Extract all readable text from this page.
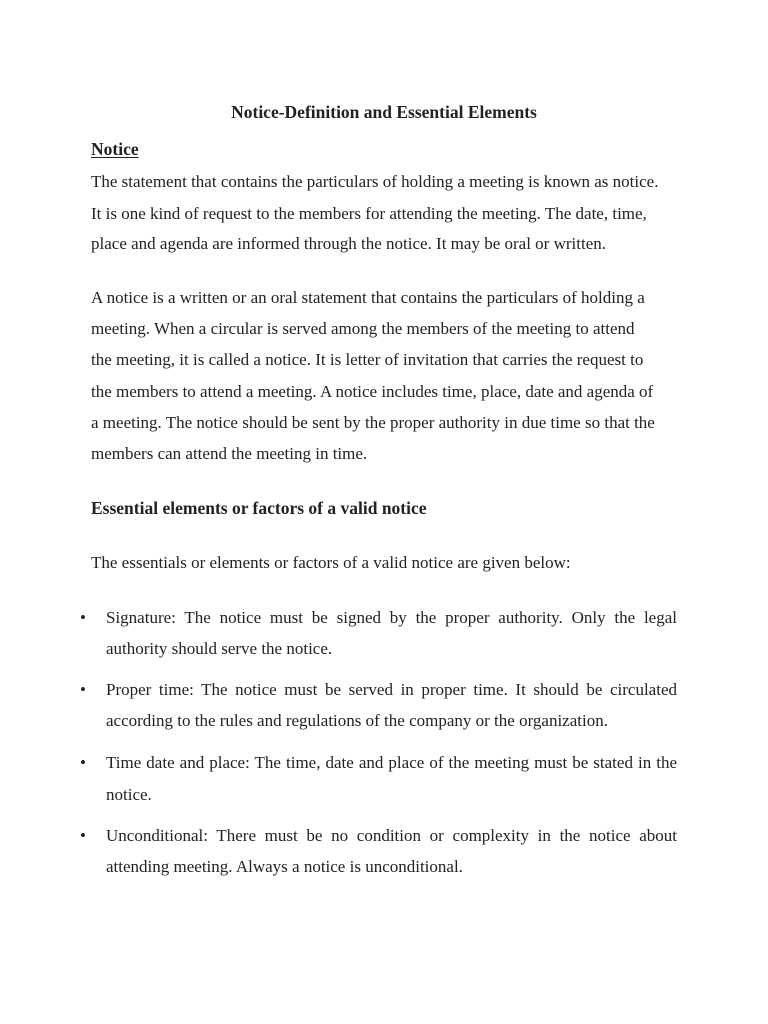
Notice-Definition and Essential Elements
Notice
The statement that contains the particulars of holding a meeting is known as notice.
It is one kind of request to the members for attending the meeting. The date, time,
place and agenda are informed through the notice. It may be oral or written.
A notice is a written or an oral statement that contains the particulars of holding a
meeting. When a circular is served among the members of the meeting to attend
the meeting, it is called a notice. It is letter of invitation that carries the request to
the members to attend a meeting. A notice includes time, place, date and agenda of
a meeting. The notice should be sent by the proper authority in due time so that the
members can attend the meeting in time.
Essential elements or factors of a valid notice
The essentials or elements or factors of a valid notice are given below:
• Signature: The notice must be signed by the proper authority. Only the legal
authority should serve the notice.
• Proper time: The notice must be served in proper time. It should be circulated
according to the rules and regulations of the company or the organization.
• Time date and place: The time, date and place of the meeting must be stated in the
notice.
• Unconditional: There must be no condition or complexity in the notice about
attending meeting. Always a notice is unconditional.
